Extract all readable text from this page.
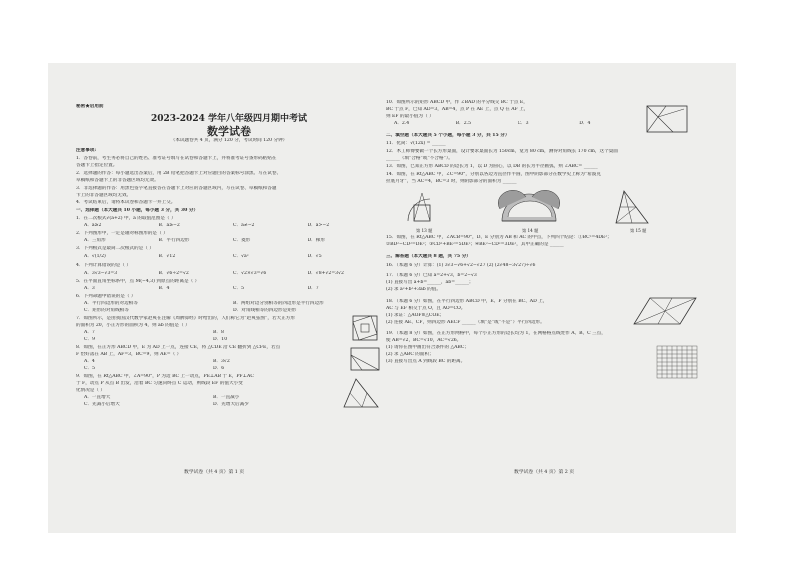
秘密★启用前
2023-2024 学年八年级四月期中考试
数学试卷
（本试题卷共 4 页，满分 120 分，考试时间 120 分钟）
注意事项:
1．答卷前，考生务必将自己的姓名、准考证号填写在试卷和答题卡上，并将准考证号条形码粘贴在
答题卡上指定位置。
2．选择题的作答：每小题选出答案后，用 2B 铅笔把答题卡上对应题目的答案标号涂黑。写在试卷、
草稿纸和答题卡上的非答题区域均无效。
3．非选择题的作答：用黑色签字笔直接答在答题卡上对应的答题区域内，写在试卷、草稿纸和答题
卡上的非答题区域均无效。
4．考试结束后，请将本试卷和答题卡一并上交。
一、选择题（本大题共 10 小题，每小题 3 分，共 30 分）
1．在二次根式√(a+2) 中，a 的取值范围是（ ）
A．a≥2	B．a≥−2	C．a≠−2	D．a>−2
2．下列图形中，一定是轴对称图形的是（ ）
A．三角形	B．平行四边形	C．菱形	D．梯形
3．下列根式是最简二次根式的是（ ）
A．√(1/2)	B．√12	C．√a²	D．√5
4．下列计算错误的是（ ）
A．3√3−√3=3	B．√6÷2=√2	C．√2×√3=√6	D．√8+√2=3√2
5．在平面直角坐标系中，点 M(−4,3) 到原点的距离是（ ）
A．3	B．4	C．5	D．7
6．下列命题中错误的是（ ）
A．平行四边形的对边相等	B．两组对边分别相等的四边形是平行四边形
C．矩形的对角线相等	D．对角线相等的四边形是矩形
7．如图所示，是由我国汉代数学家赵爽在注解《周髀算经》时给出的，人们称它为“赵爽弦图”，若大正方形
的面积为 20，小正方形的面积为 4，则 ab 的值是（ ）
A．7	B．8
C．9	D．10
8．如图，在正方形 ABCD 中，E 为 AD 上一点，连接 CE，将 △CDE 沿 CE 翻折到 △CFE，若点
F 恰好落在 AB 上，AF=3，BC=9，则 AE=（ ）
A．4	B．3√2
C．5	D．6
9．如图，在 Rt△ABC 中，∠A=90°，P 为边 BC 上一动点，PE⊥AB 于 E，PF⊥AC
于 F，动点 P 从点 B 出发，沿着 BC 匀速向终点 C 运动，则线段 EF 的值大小变
化情况是（ ）
A．一直增大	B．一直减小
C．先减小后增大	D．先增大后减少
数学试卷（共 4 页）第 1 页
10．如图所示的矩形 ABCD 中，作 ∠BAD 的平分线交 BC 于点 E，
BC 于点 F，已知 AD=3，AB=4，点 P 在 AE 上，点 Q 在 AF 上，
则 EF 的最小值为（ ）
A．2.4	B．2.5	C．3	D．4
二、填空题（本大题共 5 个小题，每小题 3 分，共 15 分）
11．化简：√(12x) = ______
12．木工师傅要做一个长方形桌面，设计要求桌面长为 150cm，宽为 80 cm，测得对角线长 170 cm，这个桌面
______（填“合格”或“不合格”）。
13．如图，已知正方形 ABCD 的边长为 1，以 D 为圆心，以 DB 的长为半径画弧，则 ∠ABC= ______
14．如图，在 Rt△ABC 中，∠C=90°，分别以各边为直径作半圆，图中阴影部分在数学史上称为“希波克
拉底月牙”，当 AC=4，BC=3 时，则阴影部分的面积为 ______
第 13 题	第 14 题	第 15 题
15．如图，在 Rt△ABC 中，∠ACB=90°，D、E 分别为 AB 和 AC 的中点，下列四个结论：①BC²=4DE²；
②BD²−CD²=DE²；③CD²+BE²=5DE²；④BE²−CD²=3DE²，其中正确的是 ______
三、解答题（本大题共 8 题，共 75 分）
16．（本题 6 分）计算：(1) 3√3−√6+√2−√27 (2) (2√48−3√27)÷√6
17．（本题 6 分）已知 a=2+√3，b=2−√3
(1) 直接写出 a+b=______，ab=______；
(2) 求 a²+b²+3ab 的值。
18．（本题 6 分）如图，在平行四边形 ABCD 中，E、F 分别在 BC、AD 上，
AC 与 EF 相交于点 O，且 AO=CO。
(1) 求证：△AOF≌△COE；
(2) 连接 AE、CF，则四边形 AECF ______（填“是”或“不是”）平行四边形。
19．（本题 8 分）如图，在正方形网格中，每个小正方形的边长均为 1，在网格格点线处作 A、B、C 三点，
使 AB=√2，BC=√10，AC=√26。
(1) 请你在图中画出符合条件的 △ABC；
(2) 求 △ABC 的面积；
(3) 直接写出点 A 到线段 BC 的距离。
数学试卷（共 4 页）第 2 页
